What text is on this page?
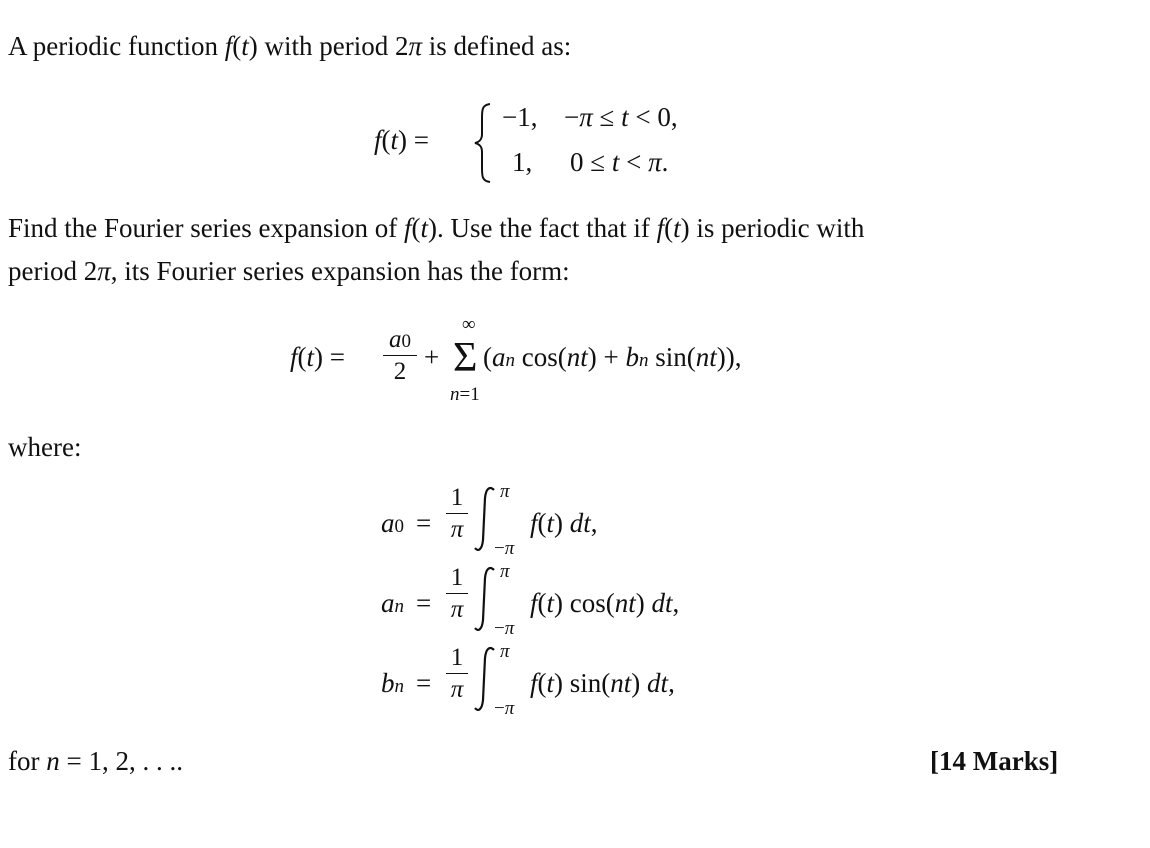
A periodic function f(t) with period 2π is defined as:
f(t) =
−1, −π ≤ t < 0,
1, 0 ≤ t < π.
Find the Fourier series expansion of f(t). Use the fact that if f(t) is periodic with
period 2π, its Fourier series expansion has the form:
f(t) =
a0
2 +
∞
Σ
n=1
(an cos(nt) + bn sin(nt)),
where:
a0 =
1
π
π
−π
f(t) dt,
an =
1
π
π
−π
f(t) cos(nt) dt,
bn =
1
π
π
−π
f(t) sin(nt) dt,
for n = 1, 2, . . ..	[14 Marks]
